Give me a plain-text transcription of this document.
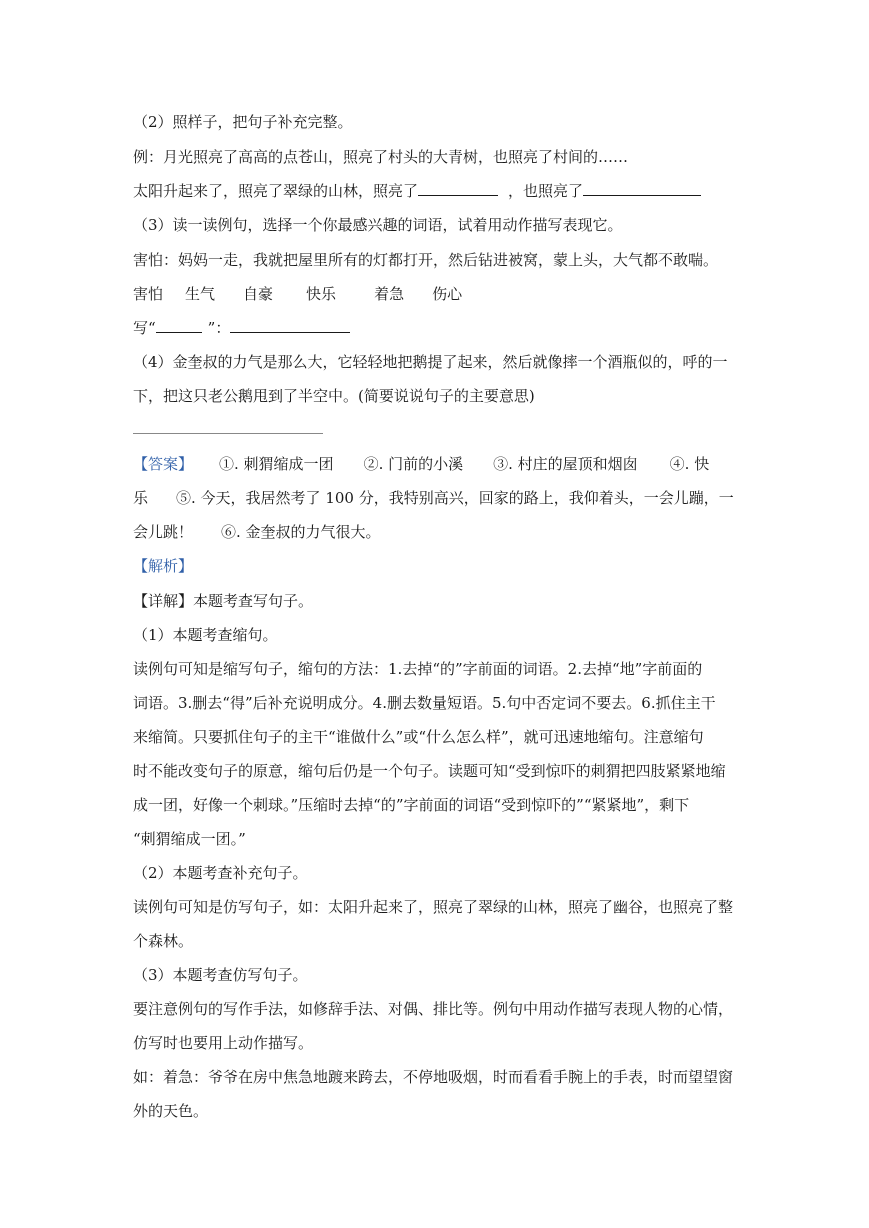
（2）照样子，把句子补充完整。
例：月光照亮了高高的点苍山，照亮了村头的大青树，也照亮了村间的……
太阳升起来了，照亮了翠绿的山林，照亮了	，也照亮了
（3）读一读例句，选择一个你最感兴趣的词语，试着用动作描写表现它。
害怕：妈妈一走，我就把屋里所有的灯都打开，然后钻进被窝，蒙上头，大气都不敢喘。
害怕 生气 自豪 快乐	着急 伤心
写“	”：
（4）金奎叔的力气是那么大，它轻轻地把鹅提了起来，然后就像摔一个酒瓶似的，呼的一
下，把这只老公鹅甩到了半空中。(简要说说句子的主要意思)
【答案】 ①. 刺猬缩成一团 ②. 门前的小溪 ③. 村庄的屋顶和烟囱 ④. 快
乐 ⑤. 今天，我居然考了 100 分，我特别高兴，回家的路上，我仰着头，一会儿蹦，一
会儿跳！ ⑥. 金奎叔的力气很大。
【解析】
【详解】本题考查写句子。
（1）本题考查缩句。
读例句可知是缩写句子，缩句的方法：1.去掉“的”字前面的词语。2.去掉“地”字前面的
词语。3.删去“得”后补充说明成分。4.删去数量短语。5.句中否定词不要去。6.抓住主干
来缩简。只要抓住句子的主干“谁做什么”或“什么怎么样”，就可迅速地缩句。注意缩句
时不能改变句子的原意，缩句后仍是一个句子。读题可知“受到惊吓的刺猬把四肢紧紧地缩
成一团，好像一个刺球。”压缩时去掉“的”字前面的词语“受到惊吓的”“紧紧地”，剩下
“刺猬缩成一团。”
（2）本题考查补充句子。
读例句可知是仿写句子，如：太阳升起来了，照亮了翠绿的山林，照亮了幽谷，也照亮了整
个森林。
（3）本题考查仿写句子。
要注意例句的写作手法，如修辞手法、对偶、排比等。例句中用动作描写表现人物的心情，
仿写时也要用上动作描写。
如：着急：爷爷在房中焦急地踱来跨去，不停地吸烟，时而看看手腕上的手表，时而望望窗
外的天色。
